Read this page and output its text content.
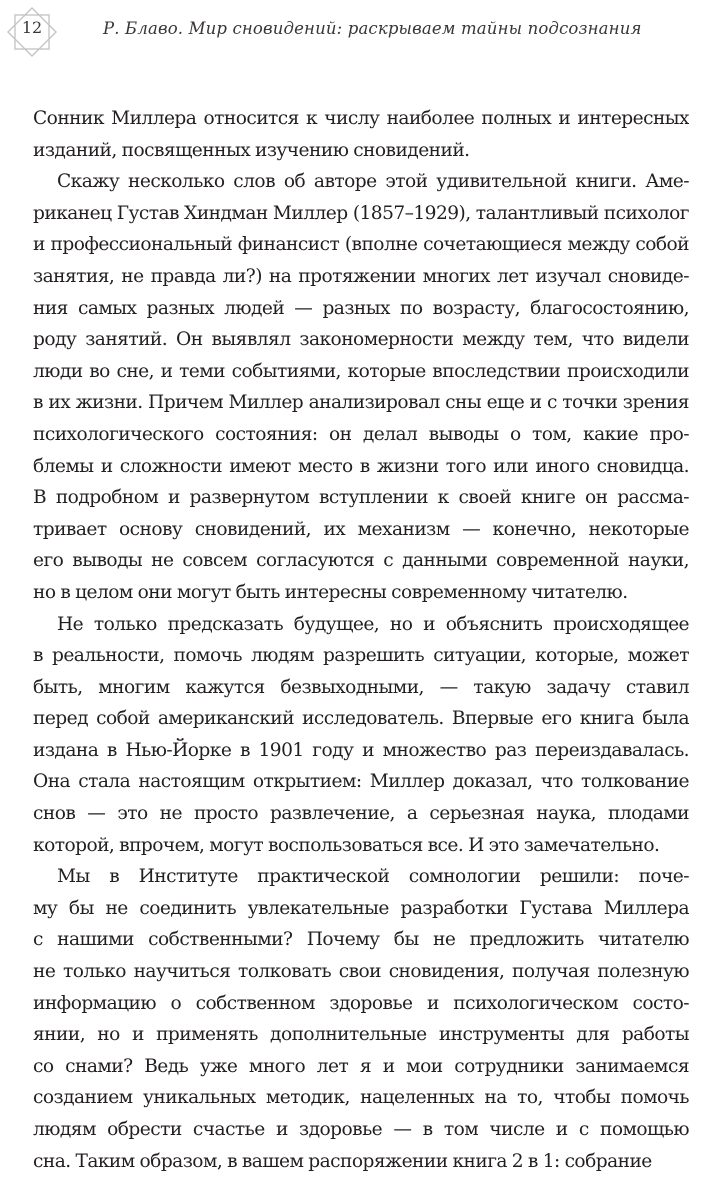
12	Р. Блаво. Мир сновидений: раскрываем тайны подсознания
Сонник Миллера относится к числу наиболее полных и интересных
изданий, посвященных изучению сновидений.
Скажу несколько слов об авторе этой удивительной книги. Аме-
риканец Густав Хиндман Миллер (1857–1929), талантливый психолог
и профессиональный финансист (вполне сочетающиеся между собой
занятия, не правда ли?) на протяжении многих лет изучал сновиде-
ния самых разных людей — разных по возрасту, благосостоянию,
роду занятий. Он выявлял закономерности между тем, что видели
люди во сне, и теми событиями, которые впоследствии происходили
в их жизни. Причем Миллер анализировал сны еще и с точки зрения
психологического состояния: он делал выводы о том, какие про-
блемы и сложности имеют место в жизни того или иного сновидца.
В подробном и развернутом вступлении к своей книге он рассма-
тривает основу сновидений, их механизм — конечно, некоторые
его выводы не совсем согласуются с данными современной науки,
но в целом они могут быть интересны современному читателю.
Не только предсказать будущее, но и объяснить происходящее
в реальности, помочь людям разрешить ситуации, которые, может
быть, многим кажутся безвыходными, — такую задачу ставил
перед собой американский исследователь. Впервые его книга была
издана в Нью-Йорке в 1901 году и множество раз переиздавалась.
Она стала настоящим открытием: Миллер доказал, что толкование
снов — это не просто развлечение, а серьезная наука, плодами
которой, впрочем, могут воспользоваться все. И это замечательно.
Мы в Институте практической сомнологии решили: поче-
му бы не соединить увлекательные разработки Густава Миллера
с нашими собственными? Почему бы не предложить читателю
не только научиться толковать свои сновидения, получая полезную
информацию о собственном здоровье и психологическом состо-
янии, но и применять дополнительные инструменты для работы
со снами? Ведь уже много лет я и мои сотрудники занимаемся
созданием уникальных методик, нацеленных на то, чтобы помочь
людям обрести счастье и здоровье — в том числе и с помощью
сна. Таким образом, в вашем распоряжении книга 2 в 1: собрание
